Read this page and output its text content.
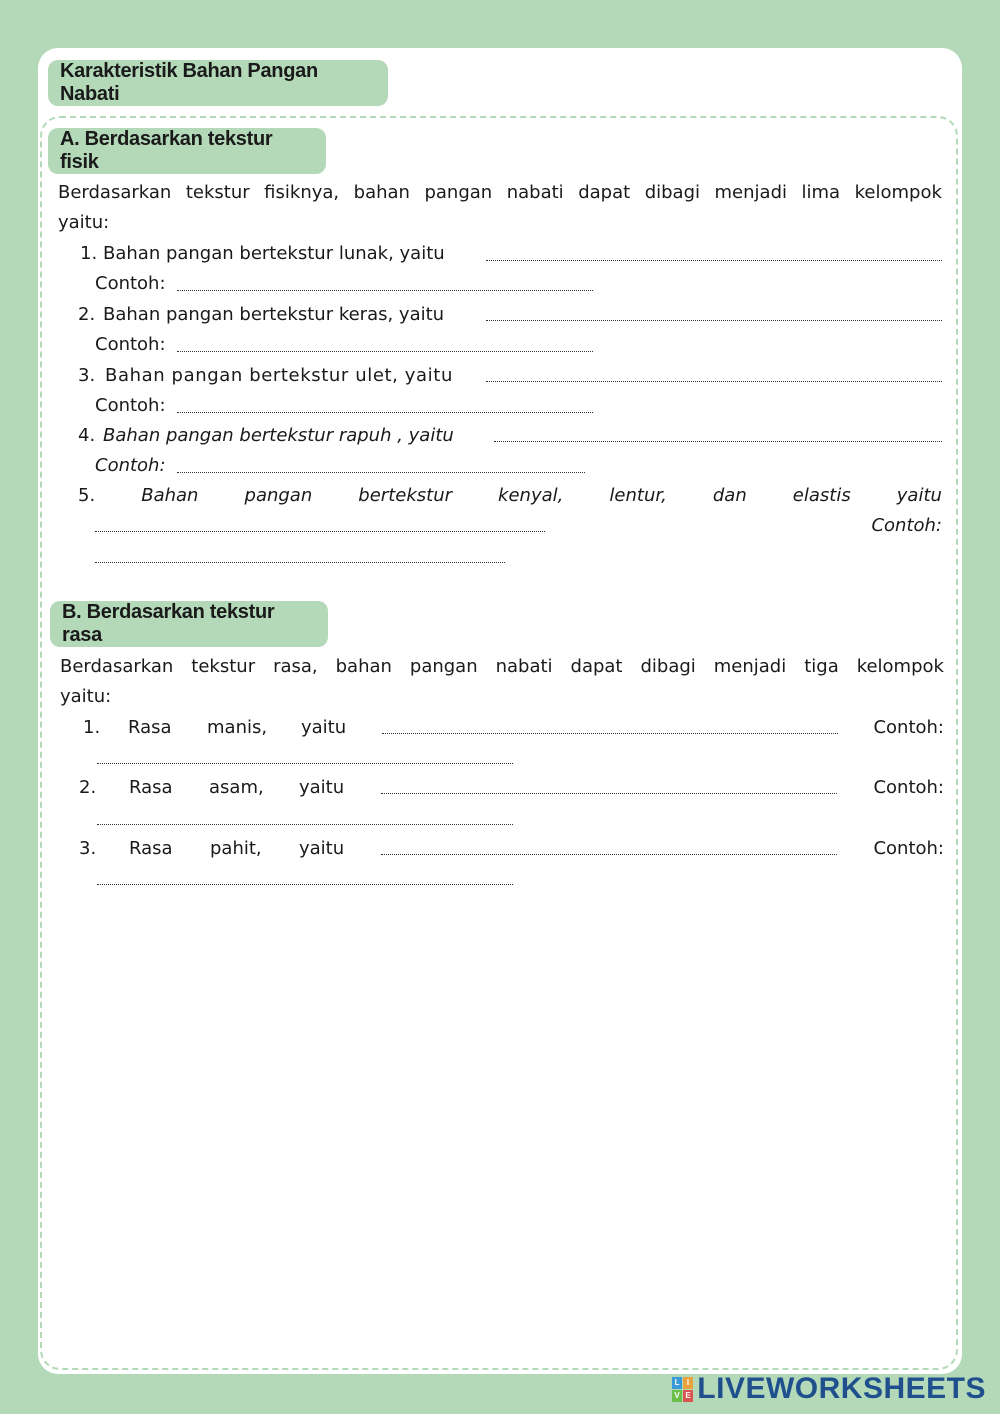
Karakteristik Bahan Pangan Nabati
A. Berdasarkan tekstur fisik
Berdasarkan tekstur fisiknya, bahan pangan nabati dapat dibagi menjadi lima kelompok
yaitu:
1. Bahan pangan bertekstur lunak, yaitu
Contoh:
2. Bahan pangan bertekstur keras, yaitu
Contoh:
3. Bahan pangan bertekstur ulet, yaitu
Contoh:
4. Bahan pangan bertekstur rapuh , yaitu
Contoh:
5.	Bahan	pangan	bertekstur	kenyal,	lentur,	dan	elastis	yaitu
Contoh:
B. Berdasarkan tekstur rasa
Berdasarkan tekstur rasa, bahan pangan nabati dapat dibagi menjadi tiga kelompok
yaitu:
1. Rasa manis, yaitu	Contoh:
2. Rasa asam, yaitu	Contoh:
3. Rasa pahit, yaitu	Contoh:
L I
V E LIVEWORKSHEETS
